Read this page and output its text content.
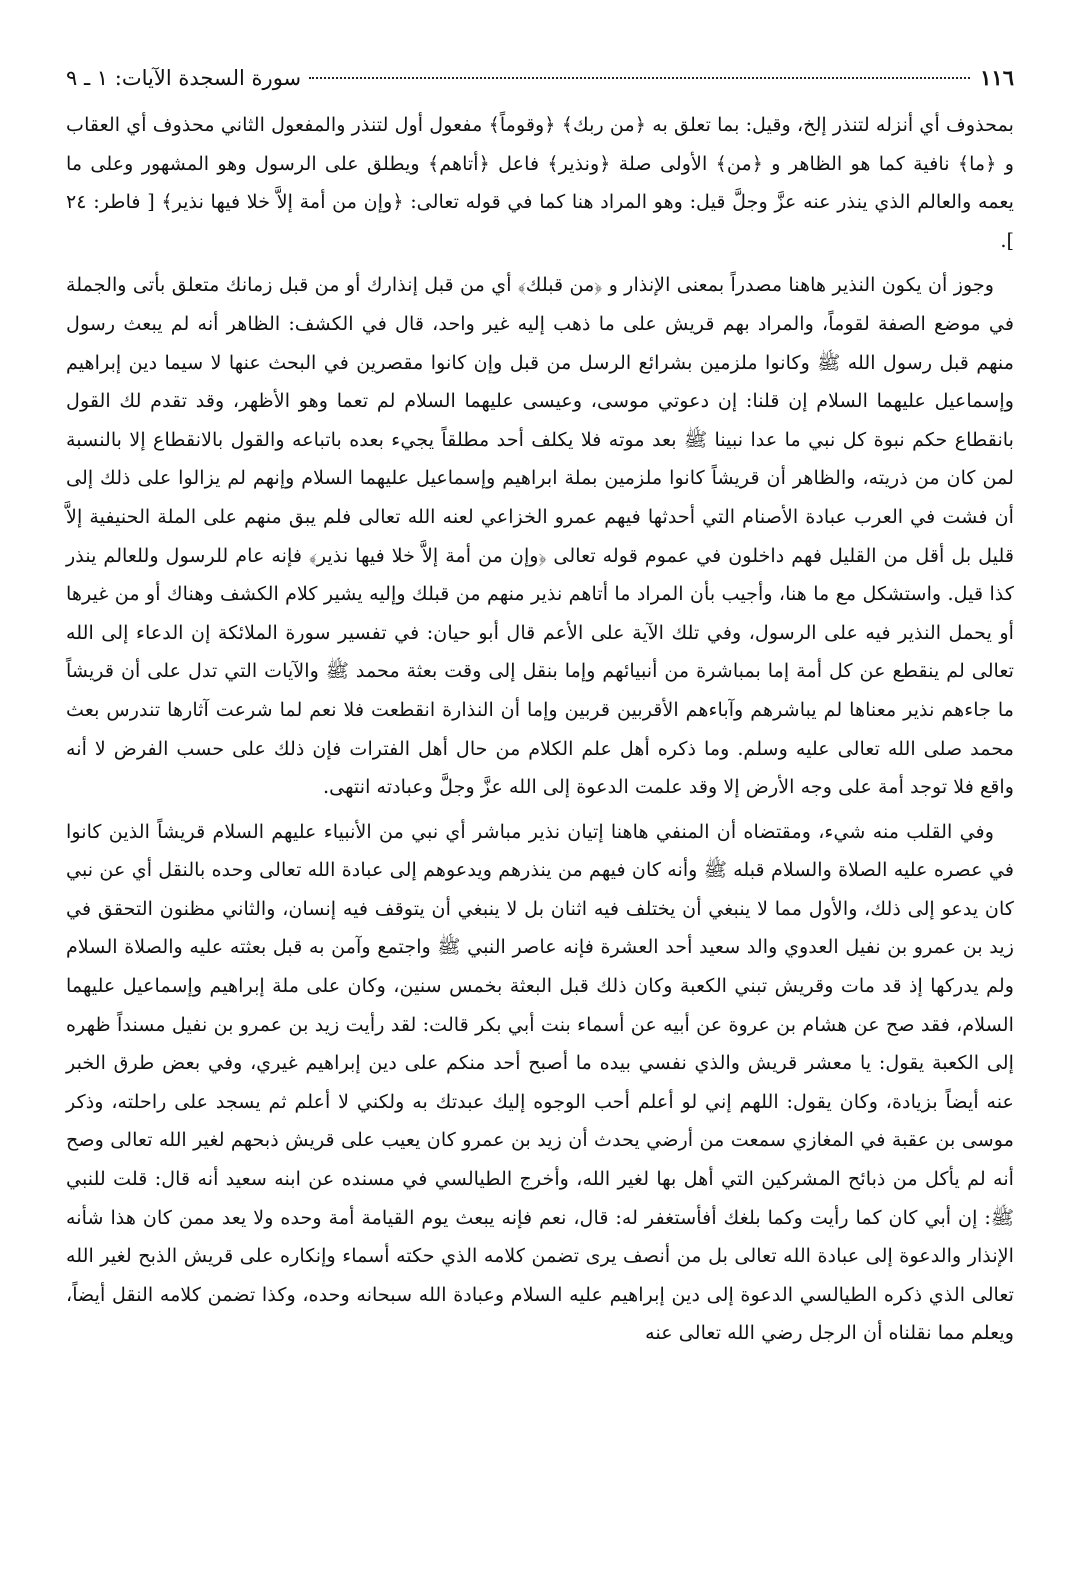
١١٦
سورة السجدة الآيات: ١ ـ ٩

بمحذوف أي أنزله لتنذر إلخ، وقيل: بما تعلق به ﴿من ربك﴾ ﴿وقوماً﴾ مفعول أول لتنذر والمفعول الثاني محذوف أي العقاب و ﴿ما﴾ نافية كما هو الظاهر و ﴿من﴾ الأولى صلة ﴿ونذير﴾ فاعل ﴿أتاهم﴾ ويطلق على الرسول وهو المشهور وعلى ما يعمه والعالم الذي ينذر عنه عزَّ وجلَّ قيل: وهو المراد هنا كما في قوله تعالى: ﴿وإن من أمة إلاَّ خلا فيها نذير﴾ [ فاطر: ٢٤ ].

وجوز أن يكون النذير هاهنا مصدراً بمعنى الإنذار و ﴿من قبلك﴾ أي من قبل إنذارك أو من قبل زمانك متعلق بأتى والجملة في موضع الصفة لقوماً، والمراد بهم قريش على ما ذهب إليه غير واحد، قال في الكشف: الظاهر أنه لم يبعث رسول منهم قبل رسول الله ﷺ وكانوا ملزمين بشرائع الرسل من قبل وإن كانوا مقصرين في البحث عنها لا سيما دين إبراهيم وإسماعيل عليهما السلام إن قلنا: إن دعوتي موسى، وعيسى عليهما السلام لم تعما وهو الأظهر، وقد تقدم لك القول بانقطاع حكم نبوة كل نبي ما عدا نبينا ﷺ بعد موته فلا يكلف أحد مطلقاً يجيء بعده باتباعه والقول بالانقطاع إلا بالنسبة لمن كان من ذريته، والظاهر أن قريشاً كانوا ملزمين بملة ابراهيم وإسماعيل عليهما السلام وإنهم لم يزالوا على ذلك إلى أن فشت في العرب عبادة الأصنام التي أحدثها فيهم عمرو الخزاعي لعنه الله تعالى فلم يبق منهم على الملة الحنيفية إلاَّ قليل بل أقل من القليل فهم داخلون في عموم قوله تعالى ﴿وإن من أمة إلاَّ خلا فيها نذير﴾ فإنه عام للرسول وللعالم ينذر كذا قيل. واستشكل مع ما هنا، وأجيب بأن المراد ما أتاهم نذير منهم من قبلك وإليه يشير كلام الكشف وهناك أو من غيرها أو يحمل النذير فيه على الرسول، وفي تلك الآية على الأعم قال أبو حيان: في تفسير سورة الملائكة إن الدعاء إلى الله تعالى لم ينقطع عن كل أمة إما بمباشرة من أنبيائهم وإما بنقل إلى وقت بعثة محمد ﷺ والآيات التي تدل على أن قريشاً ما جاءهم نذير معناها لم يباشرهم وآباءهم الأقربين قربين وإما أن النذارة انقطعت فلا نعم لما شرعت آثارها تندرس بعث محمد صلى الله تعالى عليه وسلم. وما ذكره أهل علم الكلام من حال أهل الفترات فإن ذلك على حسب الفرض لا أنه واقع فلا توجد أمة على وجه الأرض إلا وقد علمت الدعوة إلى الله عزَّ وجلَّ وعبادته انتهى.

وفي القلب منه شيء، ومقتضاه أن المنفي هاهنا إتيان نذير مباشر أي نبي من الأنبياء عليهم السلام قريشاً الذين كانوا في عصره عليه الصلاة والسلام قبله ﷺ وأنه كان فيهم من ينذرهم ويدعوهم إلى عبادة الله تعالى وحده بالنقل أي عن نبي كان يدعو إلى ذلك، والأول مما لا ينبغي أن يختلف فيه اثنان بل لا ينبغي أن يتوقف فيه إنسان، والثاني مظنون التحقق في زيد بن عمرو بن نفيل العدوي والد سعيد أحد العشرة فإنه عاصر النبي ﷺ واجتمع وآمن به قبل بعثته عليه والصلاة السلام ولم يدركها إذ قد مات وقريش تبني الكعبة وكان ذلك قبل البعثة بخمس سنين، وكان على ملة إبراهيم وإسماعيل عليهما السلام، فقد صح عن هشام بن عروة عن أبيه عن أسماء بنت أبي بكر قالت: لقد رأيت زيد بن عمرو بن نفيل مسنداً ظهره إلى الكعبة يقول: يا معشر قريش والذي نفسي بيده ما أصبح أحد منكم على دين إبراهيم غيري، وفي بعض طرق الخبر عنه أيضاً بزيادة، وكان يقول: اللهم إني لو أعلم أحب الوجوه إليك عبدتك به ولكني لا أعلم ثم يسجد على راحلته، وذكر موسى بن عقبة في المغازي سمعت من أرضي يحدث أن زيد بن عمرو كان يعيب على قريش ذبحهم لغير الله تعالى وصح أنه لم يأكل من ذبائح المشركين التي أهل بها لغير الله، وأخرج الطيالسي في مسنده عن ابنه سعيد أنه قال: قلت للنبي ﷺ: إن أبي كان كما رأيت وكما بلغك أفأستغفر له: قال، نعم فإنه يبعث يوم القيامة أمة وحده ولا يعد ممن كان هذا شأنه الإنذار والدعوة إلى عبادة الله تعالى بل من أنصف يرى تضمن كلامه الذي حكته أسماء وإنكاره على قريش الذبح لغير الله تعالى الذي ذكره الطيالسي الدعوة إلى دين إبراهيم عليه السلام وعبادة الله سبحانه وحده، وكذا تضمن كلامه النقل أيضاً، ويعلم مما نقلناه أن الرجل رضي الله تعالى عنه
